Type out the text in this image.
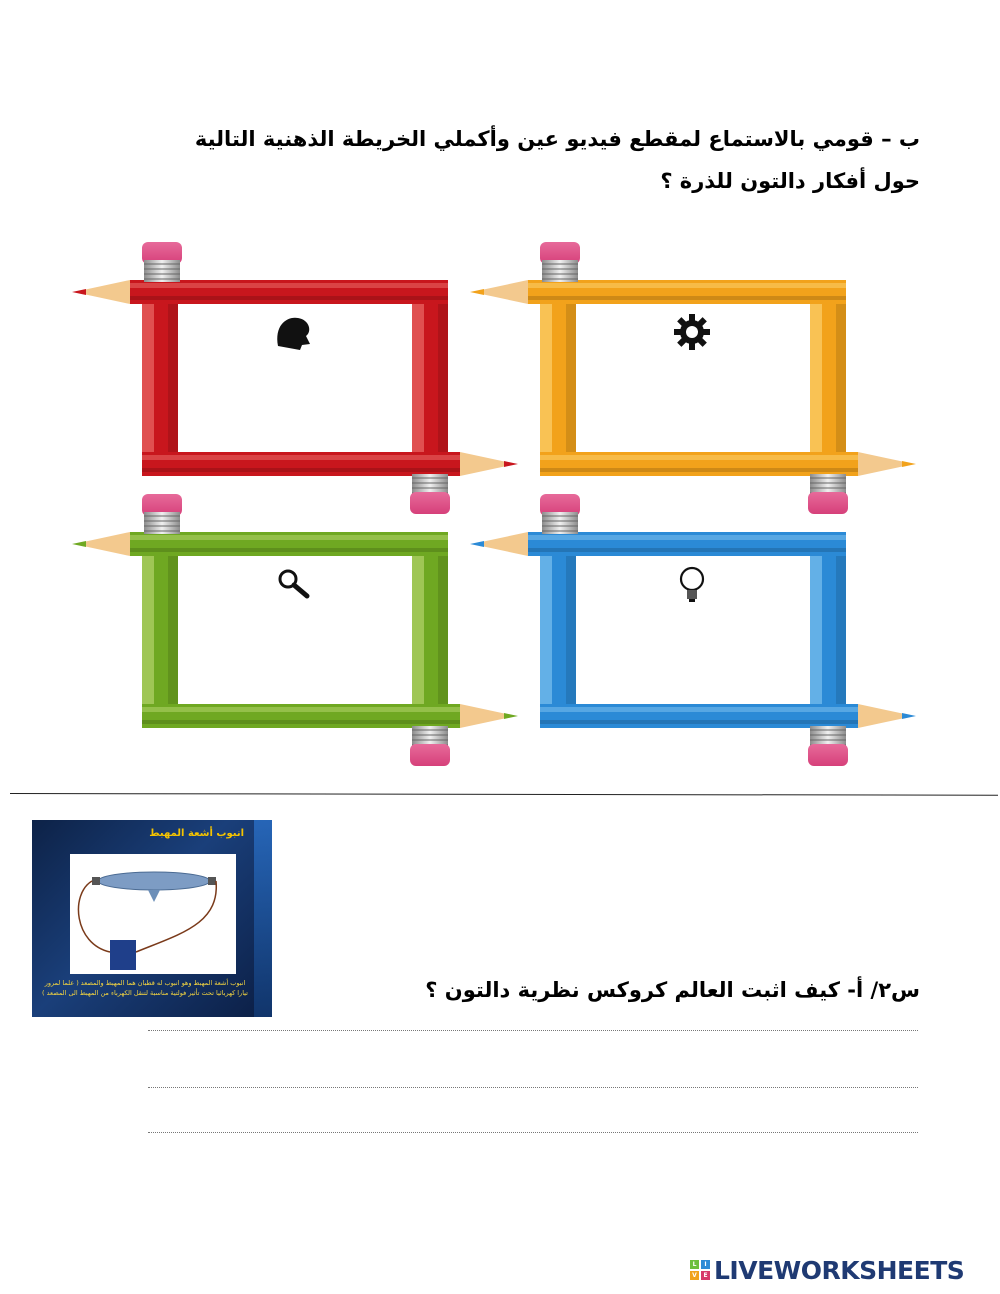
ب – قومي بالاستماع لمقطع فيديو عين وأكملي الخريطة الذهنية التالية
حول أفكار دالتون للذرة ؟
انبوب أشعة المهبط
انبوب أشعة المهبط وهو انبوب له قطبان هما المهبط والمصعد ( علما لمرور تيارا كهربائيا تحت تأثير فولتية مناسبة لتنقل الكهرباء من المهبط الى المصعد )	س٢/ أ- كيف اثبت العالم كروكس نظرية دالتون ؟
L	I
V	E LIVEWORKSHEETS
